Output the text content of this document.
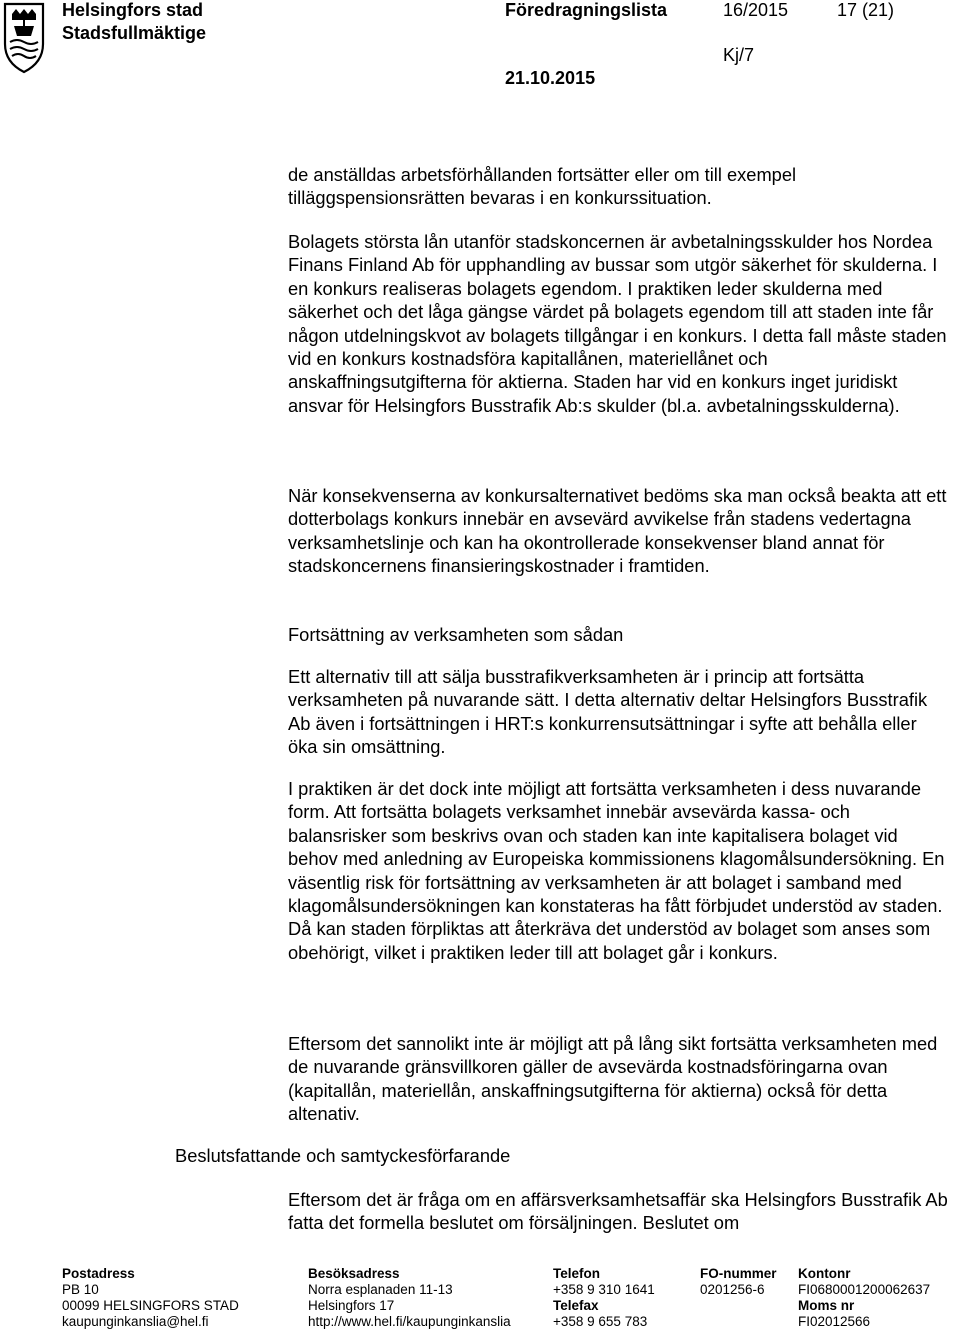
Helsingfors stad
Stadsfullmäktige
Föredragningslista	16/2015	17 (21)
Kj/7
21.10.2015

de anställdas arbetsförhållanden fortsätter eller om till exempel tilläggspensionsrätten bevaras i en konkurssituation.

Bolagets största lån utanför stadskoncernen är avbetalningsskulder hos Nordea Finans Finland Ab för upphandling av bussar som utgör säkerhet för skulderna. I en konkurs realiseras bolagets egendom. I praktiken leder skulderna med säkerhet och det låga gängse värdet på bolagets egendom till att staden inte får någon utdelningskvot av bolagets tillgångar i en konkurs. I detta fall måste staden vid en konkurs kostnadsföra kapitallånen, materiellånet och anskaffningsutgifterna för aktierna. Staden har vid en konkurs inget juridiskt ansvar för Helsingfors Busstrafik Ab:s skulder (bl.a. avbetalningsskulderna).

När konsekvenserna av konkursalternativet bedöms ska man också beakta att ett dotterbolags konkurs innebär en avsevärd avvikelse från stadens vedertagna verksamhetslinje och kan ha okontrollerade konsekvenser bland annat för stadskoncernens finansieringskostnader i framtiden.

Fortsättning av verksamheten som sådan

Ett alternativ till att sälja busstrafikverksamheten är i princip att fortsätta verksamheten på nuvarande sätt. I detta alternativ deltar Helsingfors Busstrafik Ab även i fortsättningen i HRT:s konkurrensutsättningar i syfte att behålla eller öka sin omsättning.

I praktiken är det dock inte möjligt att fortsätta verksamheten i dess nuvarande form. Att fortsätta bolagets verksamhet innebär avsevärda kassa- och balansrisker som beskrivs ovan och staden kan inte kapitalisera bolaget vid behov med anledning av Europeiska kommissionens klagomålsundersökning. En väsentlig risk för fortsättning av verksamheten är att bolaget i samband med klagomålsundersökningen kan konstateras ha fått förbjudet understöd av staden. Då kan staden förpliktas att återkräva det understöd av bolaget som anses som obehörigt, vilket i praktiken leder till att bolaget går i konkurs.

Eftersom det sannolikt inte är möjligt att på lång sikt fortsätta verksamheten med de nuvarande gränsvillkoren gäller de avsevärda kostnadsföringarna ovan (kapitallån, materiellån, anskaffningsutgifterna för aktierna) också för detta altenativ.

Beslutsfattande och samtyckesförfarande

Eftersom det är fråga om en affärsverksamhetsaffär ska Helsingfors Busstrafik Ab fatta det formella beslutet om försäljningen. Beslutet om

Postadress
PB 10
00099 HELSINGFORS STAD
kaupunginkanslia@hel.fi
Besöksadress
Norra esplanaden 11-13
Helsingfors 17
http://www.hel.fi/kaupunginkanslia
Telefon
+358 9 310 1641
Telefax
+358 9 655 783
FO-nummer
0201256-6
Kontonr
FI0680001200062637
Moms nr
FI02012566
